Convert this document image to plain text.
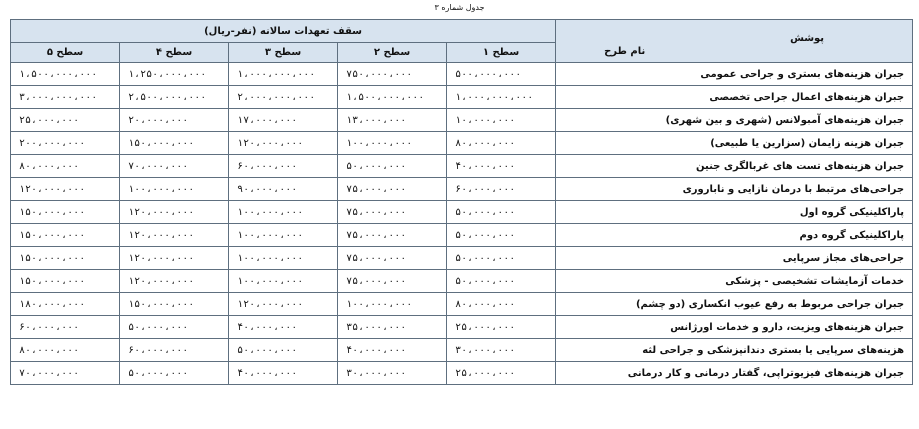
جدول شماره ۳
پوشش
نام طرح	سقف تعهدات سالانه (نفر-ریال)				
	سطح ۱	سطح ۲	سطح ۳	سطح ۴	سطح ۵
جبران هزینه‌های بستری و جراحی عمومی	۵۰۰،۰۰۰،۰۰۰	۷۵۰،۰۰۰،۰۰۰	۱،۰۰۰،۰۰۰،۰۰۰	۱،۲۵۰،۰۰۰،۰۰۰	۱،۵۰۰،۰۰۰،۰۰۰
جبران هزینه‌های اعمال جراحی تخصصی	۱،۰۰۰،۰۰۰،۰۰۰	۱،۵۰۰،۰۰۰،۰۰۰	۲،۰۰۰،۰۰۰،۰۰۰	۲،۵۰۰،۰۰۰،۰۰۰	۳،۰۰۰،۰۰۰،۰۰۰
جبران هزینه‌های آمبولانس (شهری و بین شهری)	۱۰،۰۰۰،۰۰۰	۱۳،۰۰۰،۰۰۰	۱۷،۰۰۰،۰۰۰	۲۰،۰۰۰،۰۰۰	۲۵،۰۰۰،۰۰۰
جبران هزینه زایمان (سزارین یا طبیعی)	۸۰،۰۰۰،۰۰۰	۱۰۰،۰۰۰،۰۰۰	۱۲۰،۰۰۰،۰۰۰	۱۵۰،۰۰۰،۰۰۰	۲۰۰،۰۰۰،۰۰۰
جبران هزینه‌های تست های غربالگری جنین	۴۰،۰۰۰،۰۰۰	۵۰،۰۰۰،۰۰۰	۶۰،۰۰۰،۰۰۰	۷۰،۰۰۰،۰۰۰	۸۰،۰۰۰،۰۰۰
جراحی‌های مرتبط با درمان نازایی و ناباروری	۶۰،۰۰۰،۰۰۰	۷۵،۰۰۰،۰۰۰	۹۰،۰۰۰،۰۰۰	۱۰۰،۰۰۰،۰۰۰	۱۲۰،۰۰۰،۰۰۰
پاراکلینیکی گروه اول	۵۰،۰۰۰،۰۰۰	۷۵،۰۰۰،۰۰۰	۱۰۰،۰۰۰،۰۰۰	۱۲۰،۰۰۰،۰۰۰	۱۵۰،۰۰۰،۰۰۰
پاراکلینیکی گروه دوم	۵۰،۰۰۰،۰۰۰	۷۵،۰۰۰،۰۰۰	۱۰۰،۰۰۰،۰۰۰	۱۲۰،۰۰۰،۰۰۰	۱۵۰،۰۰۰،۰۰۰
جراحی‌های مجاز سرپایی	۵۰،۰۰۰،۰۰۰	۷۵،۰۰۰،۰۰۰	۱۰۰،۰۰۰،۰۰۰	۱۲۰،۰۰۰،۰۰۰	۱۵۰،۰۰۰،۰۰۰
خدمات آزمایشات تشخیصی - پزشکی	۵۰،۰۰۰،۰۰۰	۷۵،۰۰۰،۰۰۰	۱۰۰،۰۰۰،۰۰۰	۱۲۰،۰۰۰،۰۰۰	۱۵۰،۰۰۰،۰۰۰
جبران جراحی مربوط به رفع عیوب انکساری (دو چشم)	۸۰،۰۰۰،۰۰۰	۱۰۰،۰۰۰،۰۰۰	۱۲۰،۰۰۰،۰۰۰	۱۵۰،۰۰۰،۰۰۰	۱۸۰،۰۰۰،۰۰۰
جبران هزینه‌های ویزیت، دارو و خدمات اورژانس	۲۵،۰۰۰،۰۰۰	۳۵،۰۰۰،۰۰۰	۴۰،۰۰۰،۰۰۰	۵۰،۰۰۰،۰۰۰	۶۰،۰۰۰،۰۰۰
هزینه‌های سرپایی یا بستری دندانپزشکی و جراحی لثه	۳۰،۰۰۰،۰۰۰	۴۰،۰۰۰،۰۰۰	۵۰،۰۰۰،۰۰۰	۶۰،۰۰۰،۰۰۰	۸۰،۰۰۰،۰۰۰
جبران هزینه‌های فیزیوتراپی، گفتار درمانی و کار درمانی	۲۵،۰۰۰،۰۰۰	۳۰،۰۰۰،۰۰۰	۴۰،۰۰۰،۰۰۰	۵۰،۰۰۰،۰۰۰	۷۰،۰۰۰،۰۰۰
